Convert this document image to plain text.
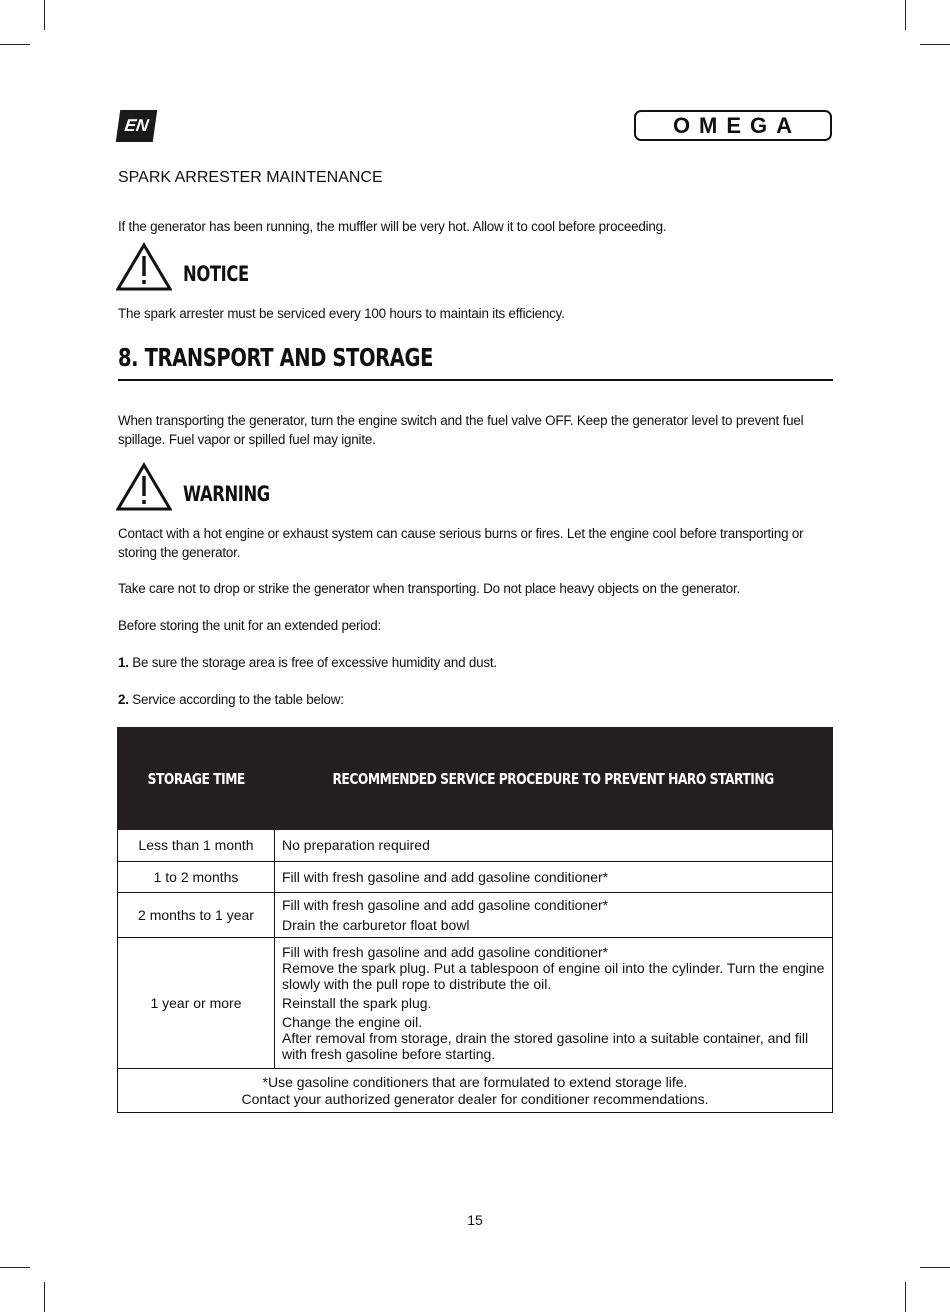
EN	OMEGA
SPARK ARRESTER MAINTENANCE
If the generator has been running, the muffler will be very hot. Allow it to cool before proceeding.
NOTICE
The spark arrester must be serviced every 100 hours to maintain its efficiency.
8. TRANSPORT AND STORAGE
When transporting the generator, turn the engine switch and the fuel valve OFF. Keep the generator level to prevent fuel spillage. Fuel vapor or spilled fuel may ignite.
WARNING
Contact with a hot engine or exhaust system can cause serious burns or fires. Let the engine cool before transporting or storing the generator.
Take care not to drop or strike the generator when transporting. Do not place heavy objects on the generator.
Before storing the unit for an extended period:
1. Be sure the storage area is free of excessive humidity and dust.
2. Service according to the table below:
STORAGE TIME	RECOMMENDED SERVICE PROCEDURE TO PREVENT HARO STARTING
Less than 1 month	No preparation required

1 to 2 months	Fill with fresh gasoline and add gasoline conditioner*

2 months to 1 year	Fill with fresh gasoline and add gasoline conditioner*
Drain the carburetor float bowl

1 year or more	Fill with fresh gasoline and add gasoline conditioner*
Remove the spark plug. Put a tablespoon of engine oil into the cylinder. Turn the engine slowly with the pull rope to distribute the oil.
Reinstall the spark plug.
Change the engine oil.
After removal from storage, drain the stored gasoline into a suitable container, and fill with fresh gasoline before starting.

*Use gasoline conditioners that are formulated to extend storage life.
Contact your authorized generator dealer for conditioner recommendations.	
15
